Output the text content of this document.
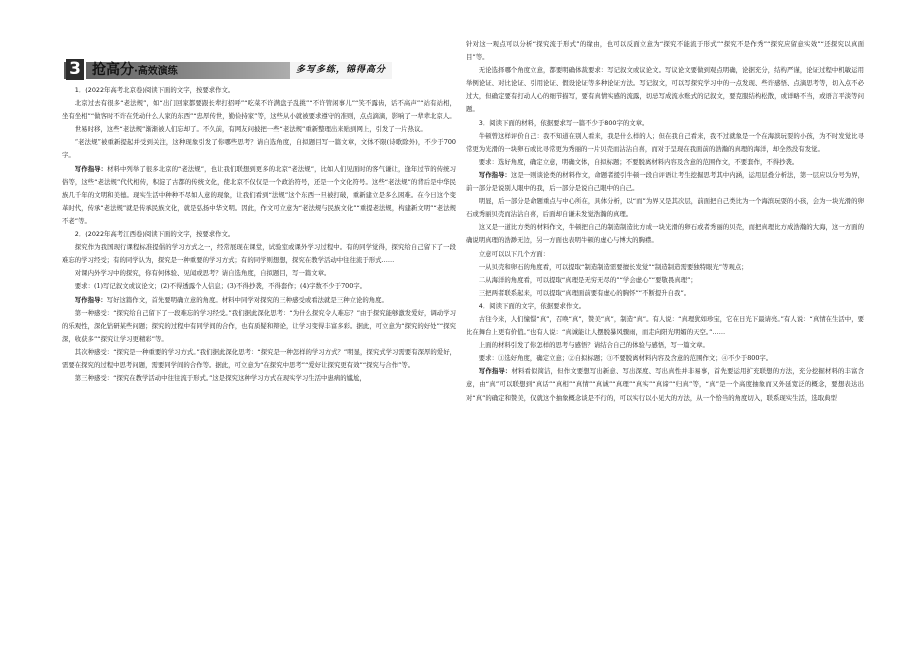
3 抢高分·高效演练	多写多练，锦得高分

1．(2022年高考北京卷)阅读下面的文字，按要求作文。

北京过去有很多“老法规”，如“出门回家都要跟长辈打招呼”“吃菜不许满盘子乱挑”“不许管闲事儿”“笑不露齿，话不高声”“站有站相，坐有坐相”“做客时不许在凭动什么人家的东西”“忠厚传世，勤俭持家”等，这些从小就被要求遵守的准则，点点滴滴，影响了一辈辈北京人。

世易时移，这些“老法规”渐渐被人们忘却了。不久前，有网友问披把一些“老法规”重新整理出来贴到网上，引发了一片热议。

“老法规”被重新提起并受到关注，这种现象引发了你哪些思考？请自选角度，自拟题目写一篇文章，文体不限(诗歌除外)，不少于700字。

写作指导：材料中列举了很多北京的“老法规”，也让我们联想到更多的北京“老法规”，比如人们见面时的客气谦让，逢年过节的传统习俗等，这些“老法规”代代相传，积淀了古都的传统文化，使北京不仅仅是一个政治符号，还是一个文化符号。这些“老法规”的背后是中华民族几千年的文明和美德。现实生活中种种不尽如人意的现象，让我们看到“法规”这个东西一旦被打破，重新建立是多么困难。在今日这个变革时代，传承“老法规”就是传承民族文化，就是弘扬中华文明。因此，作文可立意为“老法规与民族文化”“重提老法规，构建新文明”“老法规不老”等。

2．(2022年高考江西卷)阅读下面的文字，按要求作文。

探究作为我国现行课程标准提倡的学习方式之一，经常展现在课堂，试验室或课外学习过程中。有的同学觉得，探究给自己留下了一段难忘的学习经受；有的同学认为，探究是一种重要的学习方式；有的同学则想想，探究在教学活动中往往流于形式……

对课内外学习中的探究，你有何体验、见闻或思考？请自选角度，自拟题目，写一篇文章。

要求：(1)写记叙文或议论文；(2)不得透露个人信息；(3)不得抄袭，不得套作；(4)字数不少于700字。

写作指导：写好这篇作文，首先要明确立意的角度。材料中同学对探究的三种感受或看法就是三种立论的角度。

第一种感受：“探究给自己留下了一段难忘的学习经受。”我们据此深化思考：“为什么探究令人难忘？”由于探究能够激发爱好，调动学习的乐观性，深化钻研某些问题；探究的过程中有同学间的合作，也有质疑和辩论，让学习变得丰富多彩。据此，可立意为“探究的好处”“探究深，收获多”“探究让学习更精彩”等。

其次种感受：“探究是一种重要的学习方式。”我们据此深化思考：“探究是一种怎样的学习方式？”明显，探究式学习需要有深厚的爱好，需要在探究的过程中思考问题，需要同学间的合作等。据此，可立意为“在探究中思考”“爱好让探究更有效”“探究与合作”等。

第三种感受：“探究在教学活动中往往流于形式。”这是探究这种学习方式在现实学习生活中患病的尴尬，

针对这一观点可以分析“探究流于形式”的缘由，也可以反面立意为“探究不能流于形式”“探究不是作秀”“探究应留意实效”“还探究以真面目”等。

无论选择哪个角度立意，都要明确体裁要求：写记叙文或议论文。写议论文要做到观点明确，论据充分，结构严谨，论证过程中机敏运用举例论证、对比论证、引用论证、假设论证等多种论证方法。写记叙文，可以写探究学习中的一点发现、些许感悟、点滴思考等，切入点不必过大，但确定要有打动人心的细节描写，要有真情实感的流露，切忌写成流水账式的记叙文，要克服结构松散，或详略不当，或语言平淡等问题。

3．阅读下面的材料，依据要求写一篇不少于800字的文章。

牛顿曾这样评价自己：我不知道在别人看来，我是什么样的人；但在我自己看来，我不过就象是一个在海滨玩耍的小孩，为不时发觉比寻常更为光滑的一块卵石或比寻常更为秀丽的一片贝壳而沾沾自喜，而对于呈现在我面前的浩瀚的真理的海洋，却全然没有发觉。

要求：选好角度，确定立意，明确文体，自拟标题；不要脱离材料内容及含意的范围作文，不要套作，不得抄袭。

写作指导：这是一则谈论类的材料作文，命题者援引牛顿一段自评语让考生挖掘思考其中内涵，运用层叠分析法，第一层应以分号为界，前一部分是说别人眼中的我，后一部分是说自己眼中的自己。

明显，后一部分是命题重点与中心所在，具体分析，以“而”为界又是其次层，前面把自己类比为一个海滨玩耍的小孩，会为一块光滑的卵石或秀丽贝壳而沾沾自喜，后面却自谦未发觉浩瀚的真理。

这又是一道比方类的材料作文，牛顿把自己的制造制造比方成一块光滑的卵石或者秀丽的贝壳，而把真理比方成浩瀚的大海，这一方面的确说明真理的浩渺无边，另一方面也表明牛顿的虚心与博大的胸襟。

立意可以以下几个方面：

一从贝壳和卵石的角度看，可以提取“制造制造需要擅长发觉”“制造制造需要独特眼光”等观点；

二从海洋的角度看，可以提取“真理是无穷无尽的”“学会虚心”“要敬畏真理”；

三把两者联系起来，可以提取“真理面前要有虚心的胸怀”“不断提升自我”。

4．阅读下面的文字，依据要求作文。

古往今来，人们憧憬“真”，召唤“真”，赞美“真”，制造“真”。有人说：“真理犹如珍宝，它在日光下最请亮。”有人说：“真情在生活中，要比在舞台上更有价值。”也有人说：“真诚能让人摆脱暴风骤雨，而走向阳光明媚的天空。”……

上面的材料引发了你怎样的思考与感悟？请结合自己的体验与感悟，写一篇文章。

要求：①选好角度，确定立意；②自拟标题；③不要脱离材料内容及含意的范围作文；④不少于800字。

写作指导：材料看似简洁，但作文要想写出新意、写出深度、写出真性并非易事，首先要运用扩充联想的方法，充分挖掘材料的丰富含意，由“真”可以联想到“真话”“真相”“真情”“真诚”“真理”“真实”“真谛”“归真”等，“真”是一个高度抽象而又外延宽泛的概念，要想表达出对“真”的确定和赞美，仅就这个抽象概念谈是不行的，可以实行以小见大的方法，从一个恰当的角度切入，联系现实生活，选取典型
